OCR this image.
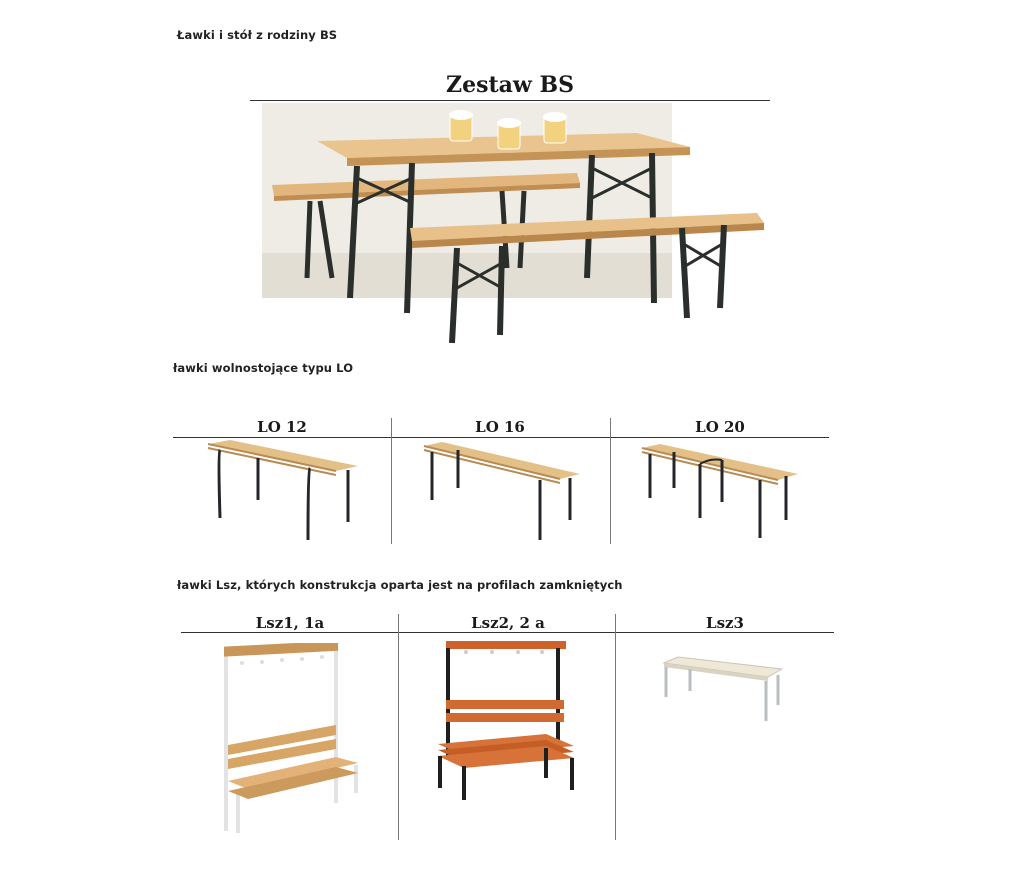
Ławki i stół z rodziny BS
Zestaw BS
ławki wolnostojące typu LO
LO 12	LO 16	LO 20
ławki Lsz, których konstrukcja oparta jest na profilach zamkniętych
Lsz1, 1a	Lsz2, 2 a	Lsz3
